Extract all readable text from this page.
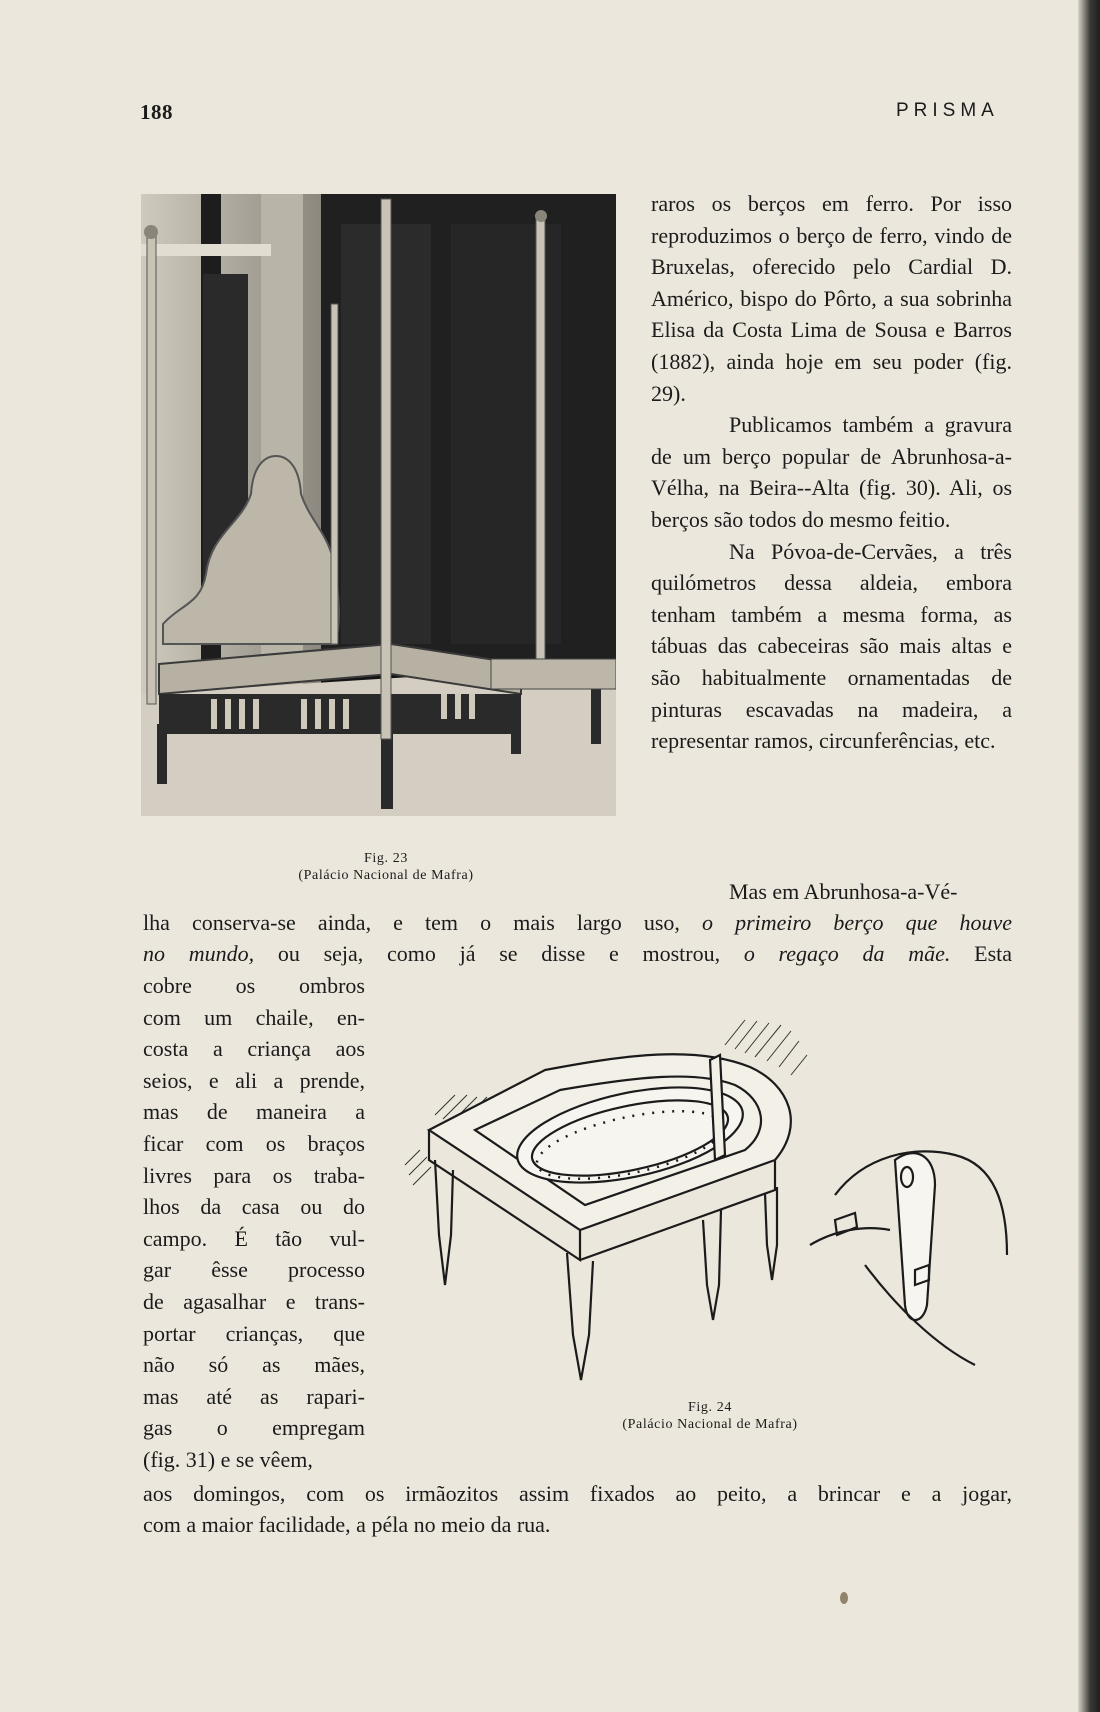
188	PRISMA
Fig. 23
(Palácio Nacional de Mafra)

raros os berços em ferro. Por isso reproduzimos o berço de ferro, vindo de Bruxelas, oferecido pelo Cardial D. Américo, bispo do Pôrto, a sua sobrinha Elisa da Costa Lima de Sousa e Barros (1882), ainda hoje em seu poder (fig. 29).

Publicamos também a gravura de um berço popular de Abrunhosa-a-Vélha, na Beira--Alta (fig. 30). Ali, os berços são todos do mesmo feitio.

Na Póvoa-de-Cervães, a três quilómetros dessa aldeia, embora tenham também a mesma forma, as tábuas das cabeceiras são mais altas e são habitualmente ornamentadas de pinturas escavadas na madeira, a representar ramos, circunferências, etc.

Mas em Abrunhosa-a-Vé-
lha conserva-se ainda, e tem o mais largo uso, o primeiro berço que houve
no mundo, ou seja, como já se disse e mostrou, o regaço da mãe. Esta
cobre os ombros
com um chaile, en-
costa a criança aos
seios, e ali a prende,
mas de maneira a
ficar com os braços
livres para os traba-
lhos da casa ou do
campo. É tão vul-
gar êsse processo
de agasalhar e trans-
portar crianças, que
não só as mães,
mas até as rapari-
gas o empregam
(fig. 31) e se vêem,
Fig. 24
(Palácio Nacional de Mafra)
aos domingos, com os irmãozitos assim fixados ao peito, a brincar e a jogar,
com a maior facilidade, a péla no meio da rua.
